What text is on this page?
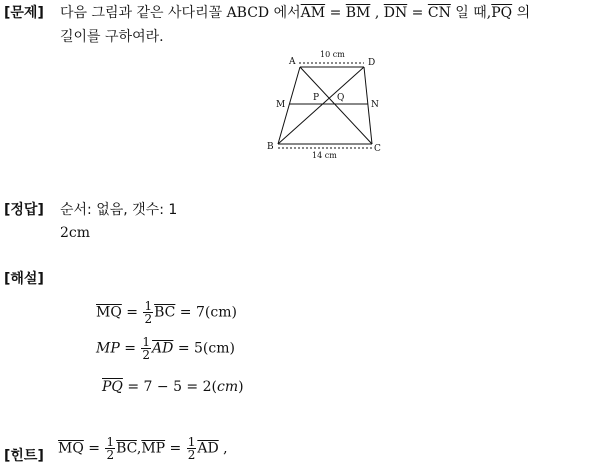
[문제] 다음 그림과 같은 사다리꼴 ABCD 에서$\overline{AM} = \overline{BM}$ , $\overline{DN} = \overline{CN}$ 일 때$,\overline{PQ}$ 의
길이를 구하여라.
A	D
M
P Q
N
B	C
10 cm
14 cm
[정답] 순서: 없음, 갯수: 1
2cm
[해설]
$\overline{MQ} = \frac{1}{2} \overline{BC} = 7(cm)$
MP = $\frac{1}{2} \overline{AD} = 5(cm)$
$\overline{PQ} = 7 - 5 = 2(cm)$
[힌트] $\overline{MQ} = \frac{1}{2} \overline{BC},\overline{MP} = \frac{1}{2} \overline{AD}$ ,
